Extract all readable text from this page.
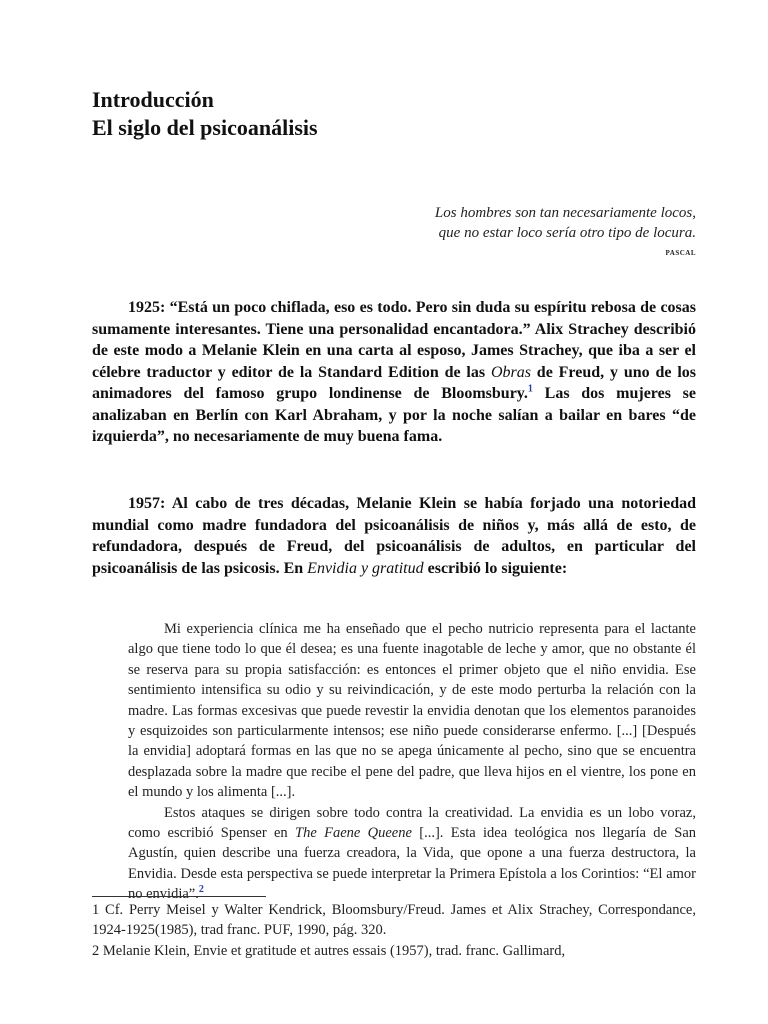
Introducción
El siglo del psicoanálisis
Los hombres son tan necesariamente locos,
que no estar loco sería otro tipo de locura.
PASCAL
1925: “Está un poco chiflada, eso es todo. Pero sin duda su espíritu rebosa de cosas sumamente interesantes. Tiene una personalidad encantadora.” Alix Strachey describió de este modo a Melanie Klein en una carta al esposo, James Strachey, que iba a ser el célebre traductor y editor de la Standard Edition de las Obras de Freud, y uno de los animadores del famoso grupo londinense de Bloomsbury.$^1$ Las dos mujeres se analizaban en Berlín con Karl Abraham, y por la noche salían a bailar en bares “de izquierda”, no necesariamente de muy buena fama.
1957: Al cabo de tres décadas, Melanie Klein se había forjado una notoriedad mundial como madre fundadora del psicoanálisis de niños y, más allá de esto, de refundadora, después de Freud, del psicoanálisis de adultos, en particular del psicoanálisis de las psicosis. En Envidia y gratitud escribió lo siguiente:

Mi experiencia clínica me ha enseñado que el pecho nutricio representa para el lactante algo que tiene todo lo que él desea; es una fuente inagotable de leche y amor, que no obstante él se reserva para su propia satisfacción: es entonces el primer objeto que el niño envidia. Ese sentimiento intensifica su odio y su reivindicación, y de este modo perturba la relación con la madre. Las formas excesivas que puede revestir la envidia denotan que los elementos paranoides y esquizoides son particularmente intensos; ese niño puede considerarse enfermo. [...] [Después la envidia] adoptará formas en las que no se apega únicamente al pecho, sino que se encuentra desplazada sobre la madre que recibe el pene del padre, que lleva hijos en el vientre, los pone en el mundo y los alimenta [...].

Estos ataques se dirigen sobre todo contra la creatividad. La envidia es un lobo voraz, como escribió Spenser en The Faene Queene [...]. Esta idea teológica nos llegaría de San Agustín, quien describe una fuerza creadora, la Vida, que opone a una fuerza destructora, la Envidia. Desde esta perspectiva se puede interpretar la Primera Epístola a los Corintios: “El amor no envidia”.$^2$

1 Cf. Perry Meisel y Walter Kendrick, Bloomsbury/Freud. James et Alix Strachey, Correspondance, 1924-1925(1985), trad franc. PUF, 1990, pág. 320.

2 Melanie Klein, Envie et gratitude et autres essais (1957), trad. franc. Gallimard,
